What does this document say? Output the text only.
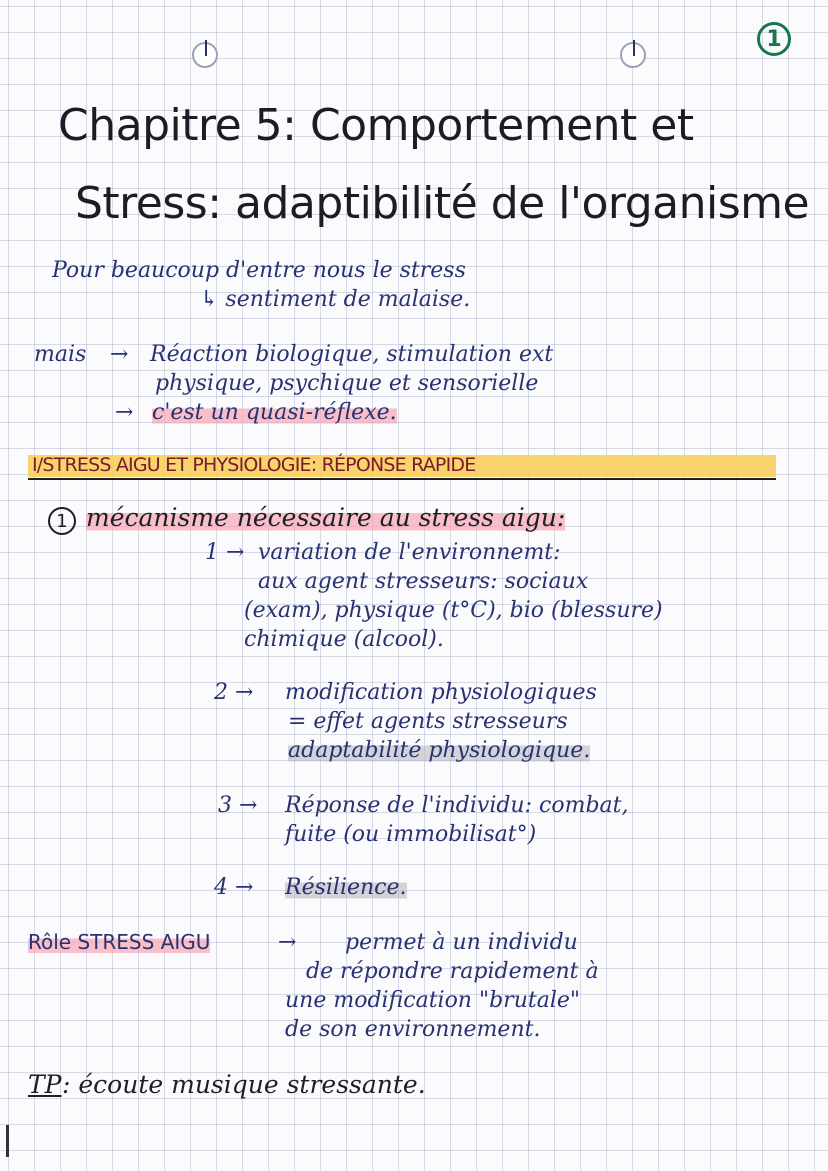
1
Chapitre 5: Comportement et
Stress: adaptibilité de l'organisme
Pour beaucoup d'entre nous le stress
↳ sentiment de malaise.
mais → Réaction biologique, stimulation ext
physique, psychique et sensorielle
→ c'est un quasi-réflexe.
I/STRESS AIGU ET PHYSIOLOGIE: RÉPONSE RAPIDE
1 mécanisme nécessaire au stress aigu:
1 → variation de l'environnemt:
aux agent stresseurs: sociaux
(exam), physique (t°C), bio (blessure)
chimique (alcool).
2 → modification physiologiques
= effet agents stresseurs
adaptabilité physiologique.
3 → Réponse de l'individu: combat,
fuite (ou immobilisat°)
4 → Résilience.
Rôle STRESS AIGU	→ permet à un individu
de répondre rapidement à
une modification "brutale"
de son environnement.
TP : écoute musique stressante.
